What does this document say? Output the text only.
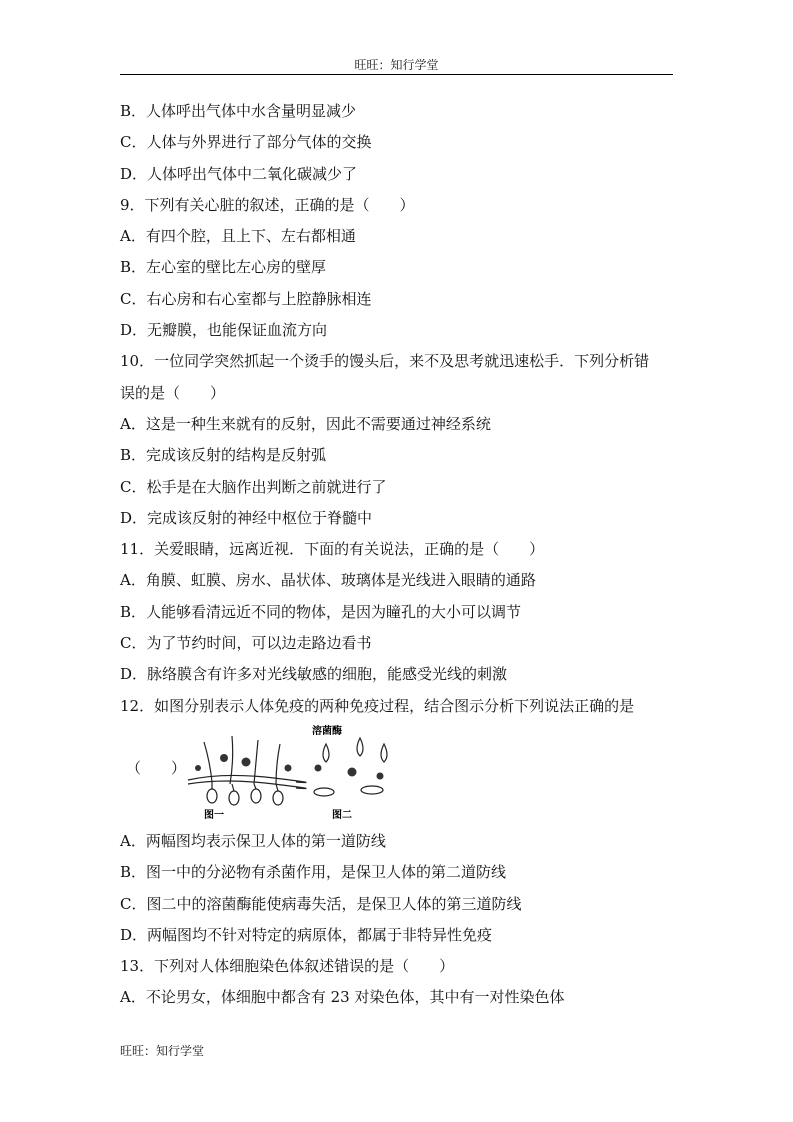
旺旺：知行学堂
B．人体呼出气体中水含量明显减少
C．人体与外界进行了部分气体的交换
D．人体呼出气体中二氧化碳减少了
9．下列有关心脏的叙述，正确的是（　　）
A．有四个腔，且上下、左右都相通
B．左心室的壁比左心房的壁厚
C．右心房和右心室都与上腔静脉相连
D．无瓣膜，也能保证血流方向
10．一位同学突然抓起一个烫手的馒头后，来不及思考就迅速松手．下列分析错
误的是（　　）
A．这是一种生来就有的反射，因此不需要通过神经系统
B．完成该反射的结构是反射弧
C．松手是在大脑作出判断之前就进行了
D．完成该反射的神经中枢位于脊髓中
11．关爱眼睛，远离近视．下面的有关说法，正确的是（　　）
A．角膜、虹膜、房水、晶状体、玻璃体是光线进入眼睛的通路
B．人能够看清远近不同的物体，是因为瞳孔的大小可以调节
C．为了节约时间，可以边走路边看书
D．脉络膜含有许多对光线敏感的细胞，能感受光线的刺激
12．如图分别表示人体免疫的两种免疫过程，结合图示分析下列说法正确的是
（　　）
溶菌酶
图一	图二
A．两幅图均表示保卫人体的第一道防线
B．图一中的分泌物有杀菌作用，是保卫人体的第二道防线
C．图二中的溶菌酶能使病毒失活，是保卫人体的第三道防线
D．两幅图均不针对特定的病原体，都属于非特异性免疫
13．下列对人体细胞染色体叙述错误的是（　　）
A．不论男女，体细胞中都含有 23 对染色体，其中有一对性染色体
旺旺：知行学堂
